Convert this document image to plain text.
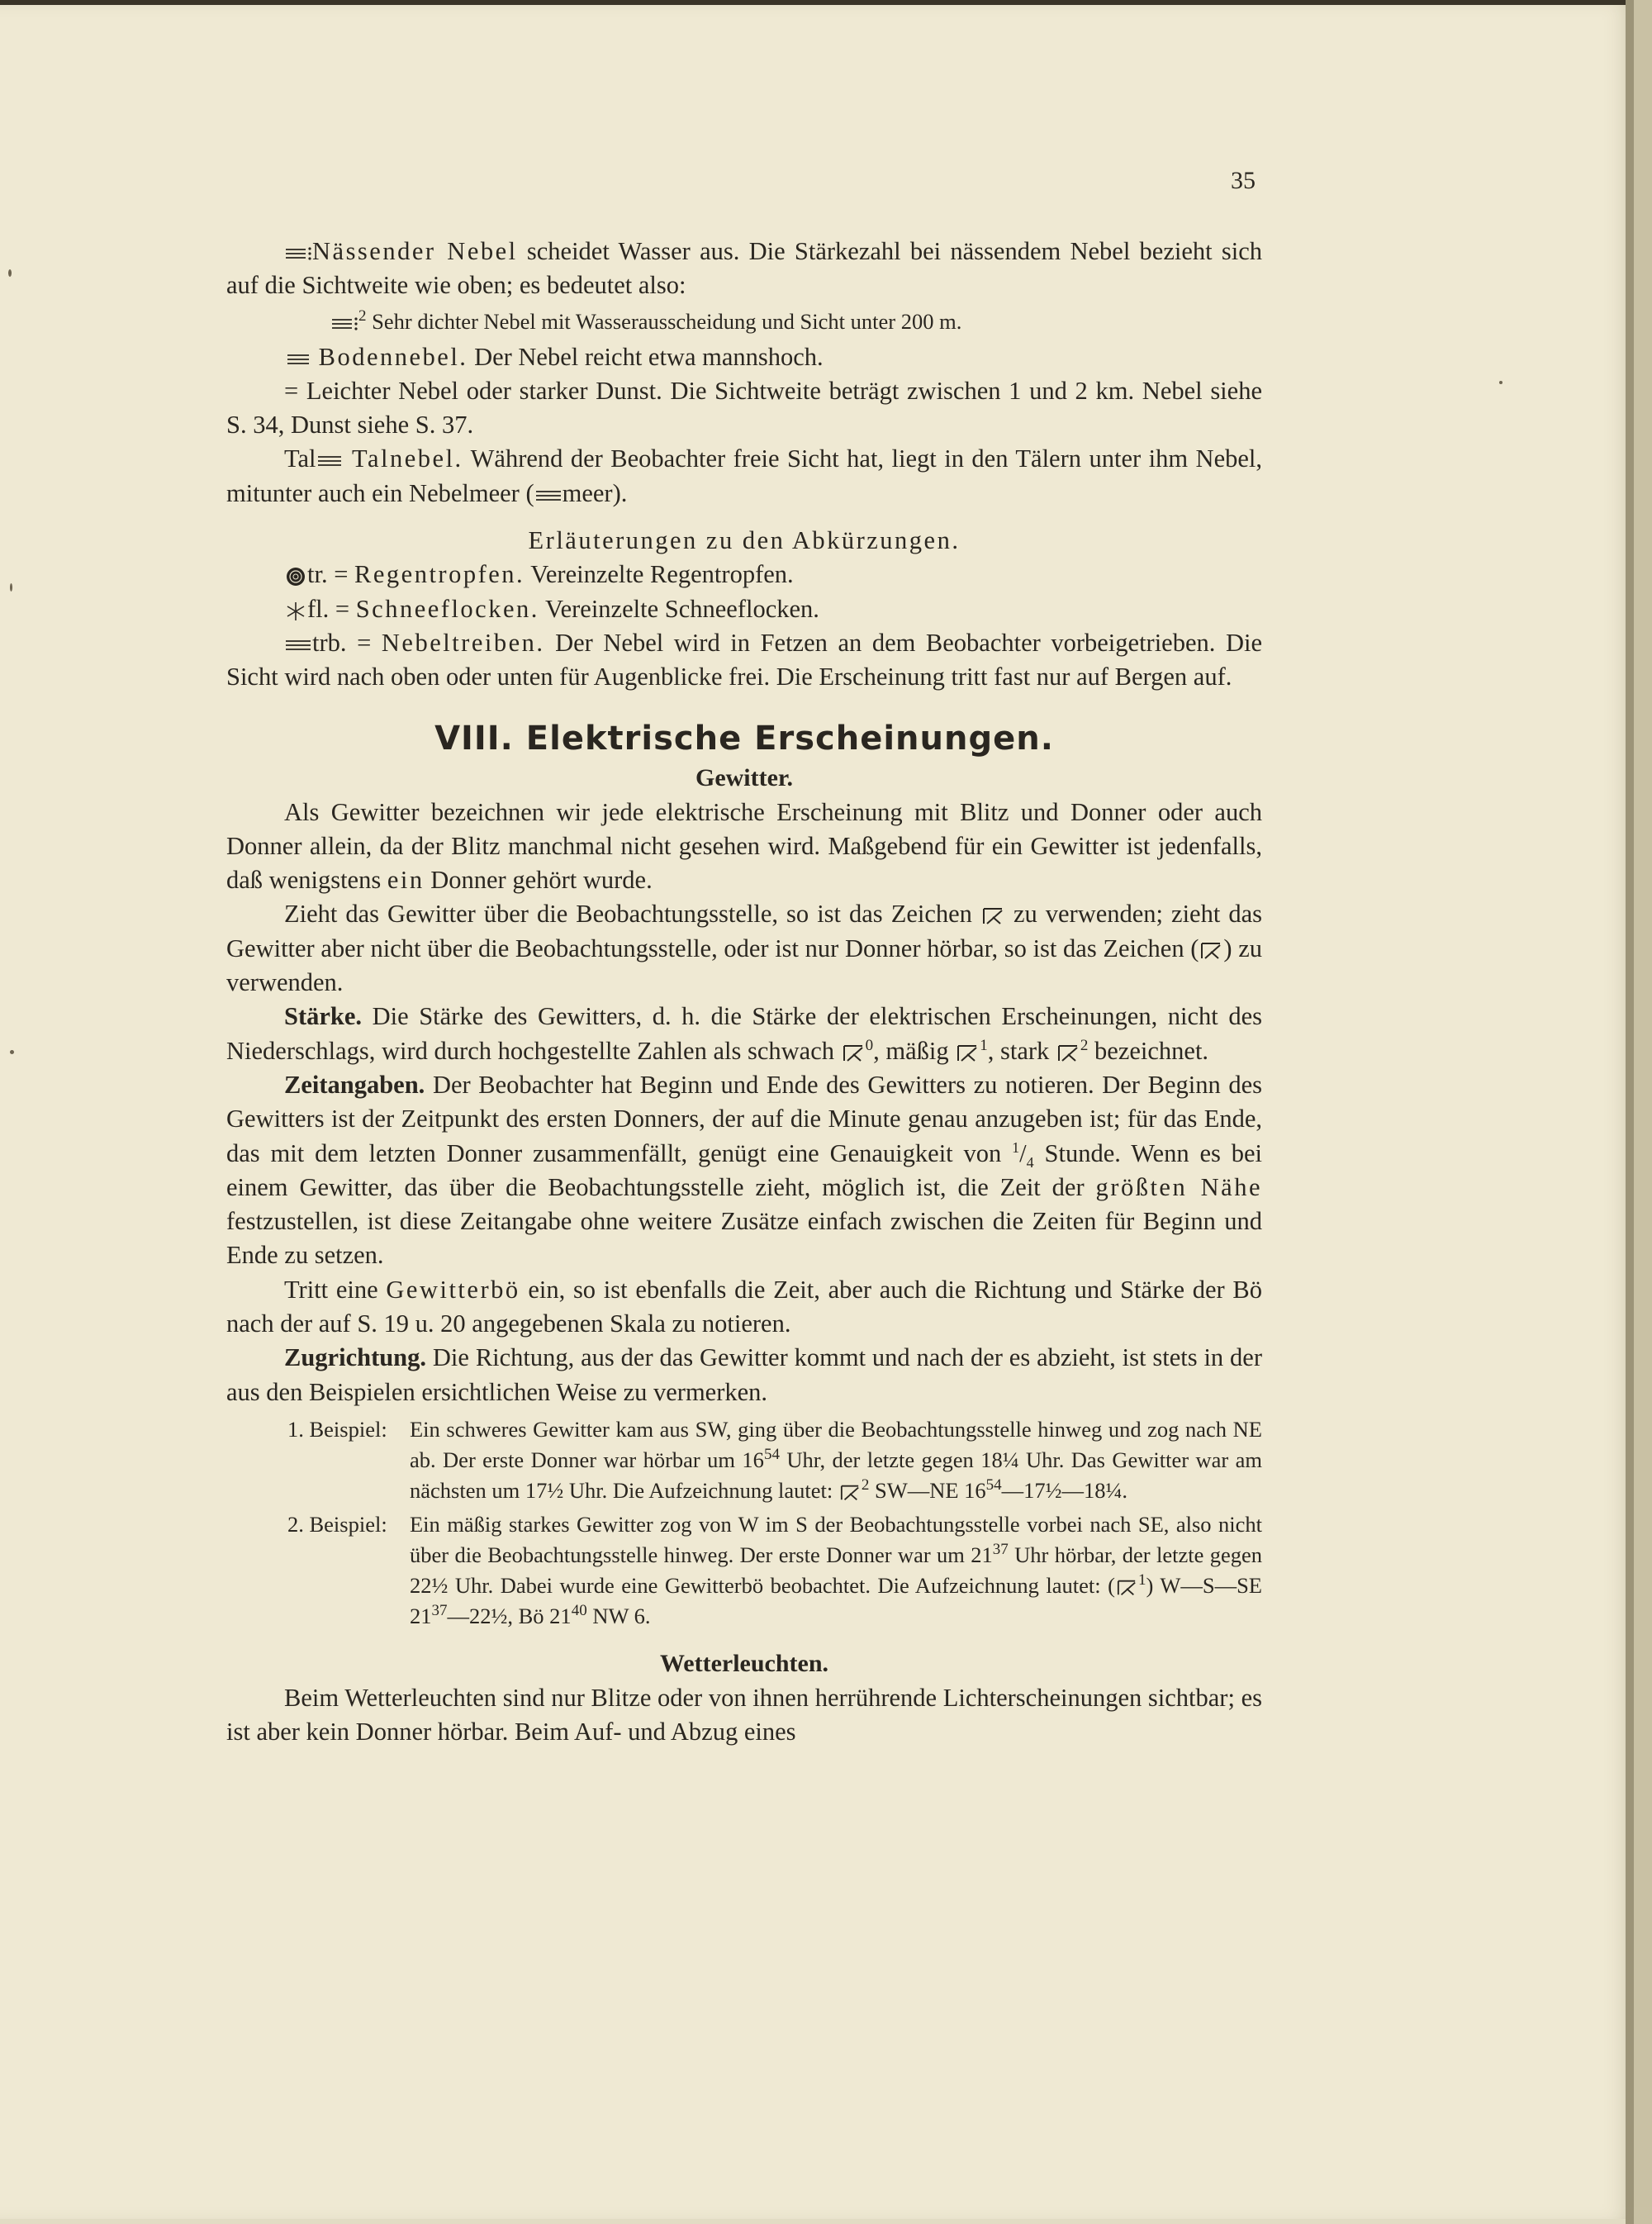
35

Nässender Nebel scheidet Wasser aus. Die Stärkezahl bei nässendem Nebel bezieht sich auf die Sichtweite wie oben; es bedeutet also:

$^2$ Sehr dichter Nebel mit Wasserausscheidung und Sicht unter 200 m.

Bodennebel. Der Nebel reicht etwa mannshoch.

= Leichter Nebel oder starker Dunst. Die Sichtweite beträgt zwischen 1 und 2 km. Nebel siehe S. 34, Dunst siehe S. 37.

Tal Talnebel. Während der Beobachter freie Sicht hat, liegt in den Tälern unter ihm Nebel, mitunter auch ein Nebelmeer ( meer).

Erläuterungen zu den Abkürzungen.

tr. = Regentropfen. Vereinzelte Regentropfen.

fl. = Schneeflocken. Vereinzelte Schneeflocken.

trb. = Nebeltreiben. Der Nebel wird in Fetzen an dem Beobachter vorbeigetrieben. Die Sicht wird nach oben oder unten für Augenblicke frei. Die Erscheinung tritt fast nur auf Bergen auf.

VIII. Elektrische Erscheinungen.
Gewitter.

Als Gewitter bezeichnen wir jede elektrische Erscheinung mit Blitz und Donner oder auch Donner allein, da der Blitz manchmal nicht gesehen wird. Maßgebend für ein Gewitter ist jedenfalls, daß wenigstens ein Donner gehört wurde.

Zieht das Gewitter über die Beobachtungsstelle, so ist das Zeichen  zu verwenden; zieht das Gewitter aber nicht über die Beobachtungsstelle, oder ist nur Donner hörbar, so ist das Zeichen ( ) zu verwenden.

Stärke. Die Stärke des Gewitters, d. h. die Stärke der elektrischen Erscheinungen, nicht des Niederschlags, wird durch hochgestellte Zahlen als schwach $^0$, mäßig $^1$, stark $^2$ bezeichnet.

Zeitangaben. Der Beobachter hat Beginn und Ende des Gewitters zu notieren. Der Beginn des Gewitters ist der Zeitpunkt des ersten Donners, der auf die Minute genau anzugeben ist; für das Ende, das mit dem letzten Donner zusammenfällt, genügt eine Genauigkeit von $^1/_4$ Stunde. Wenn es bei einem Gewitter, das über die Beobachtungsstelle zieht, möglich ist, die Zeit der größten Nähe festzustellen, ist diese Zeitangabe ohne weitere Zusätze einfach zwischen die Zeiten für Beginn und Ende zu setzen.

Tritt eine Gewitterbö ein, so ist ebenfalls die Zeit, aber auch die Richtung und Stärke der Bö nach der auf S. 19 u. 20 angegebenen Skala zu notieren.

Zugrichtung. Die Richtung, aus der das Gewitter kommt und nach der es abzieht, ist stets in der aus den Beispielen ersichtlichen Weise zu vermerken.

1. Beispiel:	Ein schweres Gewitter kam aus SW, ging über die Beobachtungsstelle hinweg und zog nach NE ab. Der erste Donner war hörbar um $16^{54}$ Uhr, der letzte gegen 18¼ Uhr. Das Gewitter war am nächsten um 17½ Uhr. Die Aufzeichnung lautet: $^2$ SW—NE $16^{54}—17\frac{1}{2}—18\frac{1}{4}$.
2. Beispiel:	Ein mäßig starkes Gewitter zog von W im S der Beobachtungsstelle vorbei nach SE, also nicht über die Beobachtungsstelle hinweg. Der erste Donner war um $21^{37}$ Uhr hörbar, der letzte gegen 22½ Uhr. Dabei wurde eine Gewitterbö beobachtet. Die Aufzeichnung lautet: ( $^1$) W—S—SE $21^{37}—22\frac{1}{2}$, Bö $21^{40}$ NW 6.
Wetterleuchten.

Beim Wetterleuchten sind nur Blitze oder von ihnen herrührende Lichterscheinungen sichtbar; es ist aber kein Donner hörbar. Beim Auf- und Abzug eines
